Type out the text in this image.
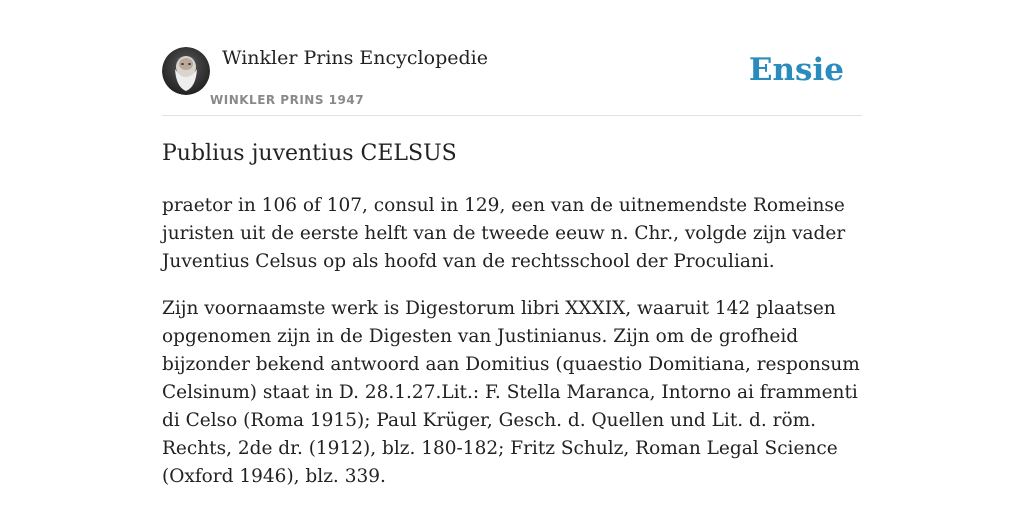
Winkler Prins Encyclopedie
WINKLER PRINS 1947
Ensie
Publius juventius CELSUS

praetor in 106 of 107, consul in 129, een van de uitnemendste Romeinse juristen uit de eerste helft van de tweede eeuw n. Chr., volgde zijn vader Juventius Celsus op als hoofd van de rechtsschool der Proculiani.

Zijn voornaamste werk is Digestorum libri XXXIX, waaruit 142 plaatsen opgenomen zijn in de Digesten van Justinianus. Zijn om de grofheid bijzonder bekend antwoord aan Domitius (quaestio Domitiana, responsum Celsinum) staat in D. 28.1.27.Lit.: F. Stella Maranca, Intorno ai frammenti di Celso (Roma 1915); Paul Krüger, Gesch. d. Quellen und Lit. d. röm. Rechts, 2de dr. (1912), blz. 180-182; Fritz Schulz, Roman Legal Science (Oxford 1946), blz. 339.
